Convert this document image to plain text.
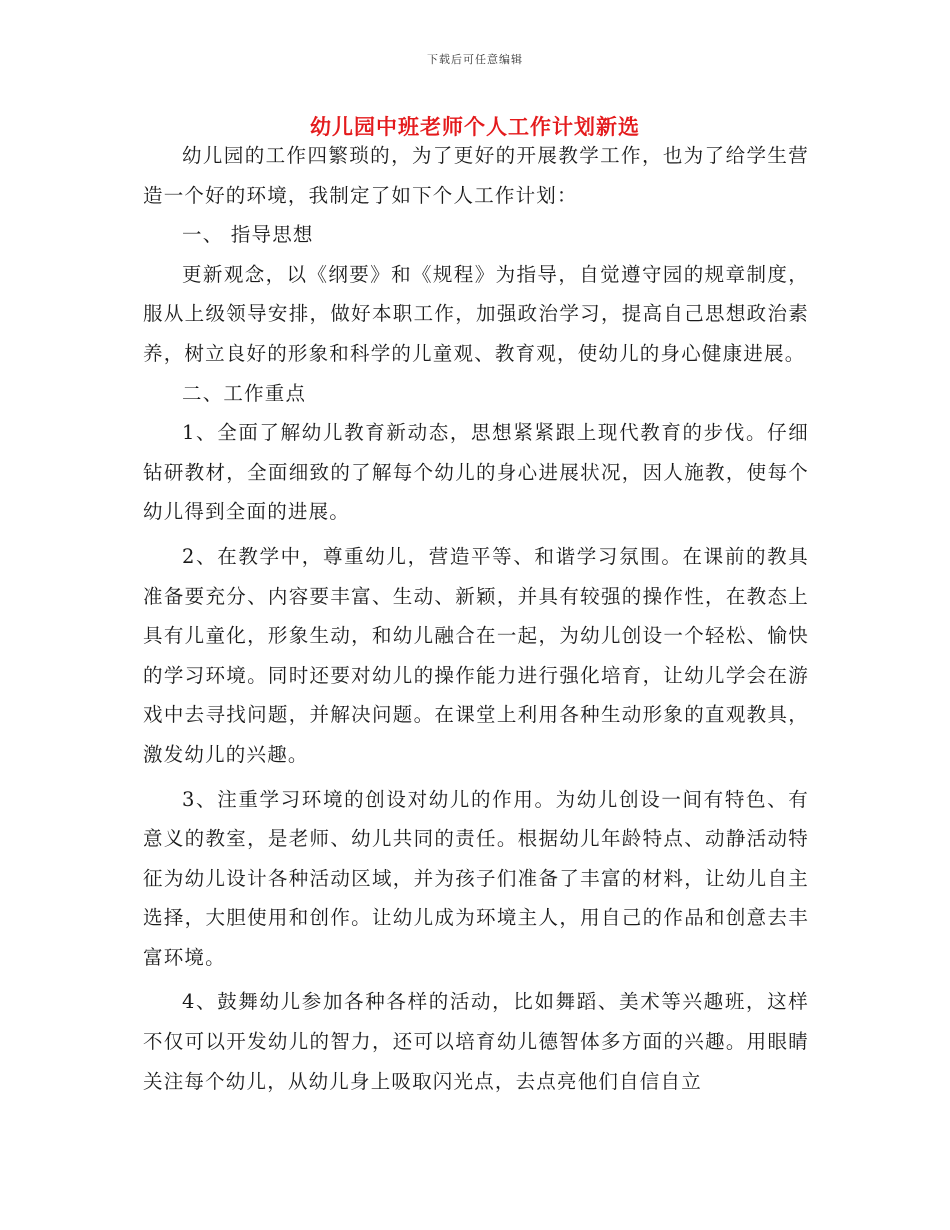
下载后可任意编辑
幼儿园中班老师个人工作计划新选

幼儿园的工作四繁琐的，为了更好的开展教学工作，也为了给学生营造一个好的环境，我制定了如下个人工作计划：

一、 指导思想

更新观念，以《纲要》和《规程》为指导，自觉遵守园的规章制度，服从上级领导安排，做好本职工作，加强政治学习，提高自己思想政治素养，树立良好的形象和科学的儿童观、教育观，使幼儿的身心健康进展。

二、工作重点

1、全面了解幼儿教育新动态，思想紧紧跟上现代教育的步伐。仔细钻研教材，全面细致的了解每个幼儿的身心进展状况，因人施教，使每个幼儿得到全面的进展。

2、在教学中，尊重幼儿，营造平等、和谐学习氛围。在课前的教具准备要充分、内容要丰富、生动、新颖，并具有较强的操作性，在教态上具有儿童化，形象生动，和幼儿融合在一起，为幼儿创设一个轻松、愉快的学习环境。同时还要对幼儿的操作能力进行强化培育，让幼儿学会在游戏中去寻找问题，并解决问题。在课堂上利用各种生动形象的直观教具，激发幼儿的兴趣。

3、注重学习环境的创设对幼儿的作用。为幼儿创设一间有特色、有意义的教室，是老师、幼儿共同的责任。根据幼儿年龄特点、动静活动特征为幼儿设计各种活动区域，并为孩子们准备了丰富的材料，让幼儿自主选择，大胆使用和创作。让幼儿成为环境主人，用自己的作品和创意去丰富环境。

4、鼓舞幼儿参加各种各样的活动，比如舞蹈、美术等兴趣班，这样不仅可以开发幼儿的智力，还可以培育幼儿德智体多方面的兴趣。用眼睛关注每个幼儿，从幼儿身上吸取闪光点，去点亮他们自信自立
